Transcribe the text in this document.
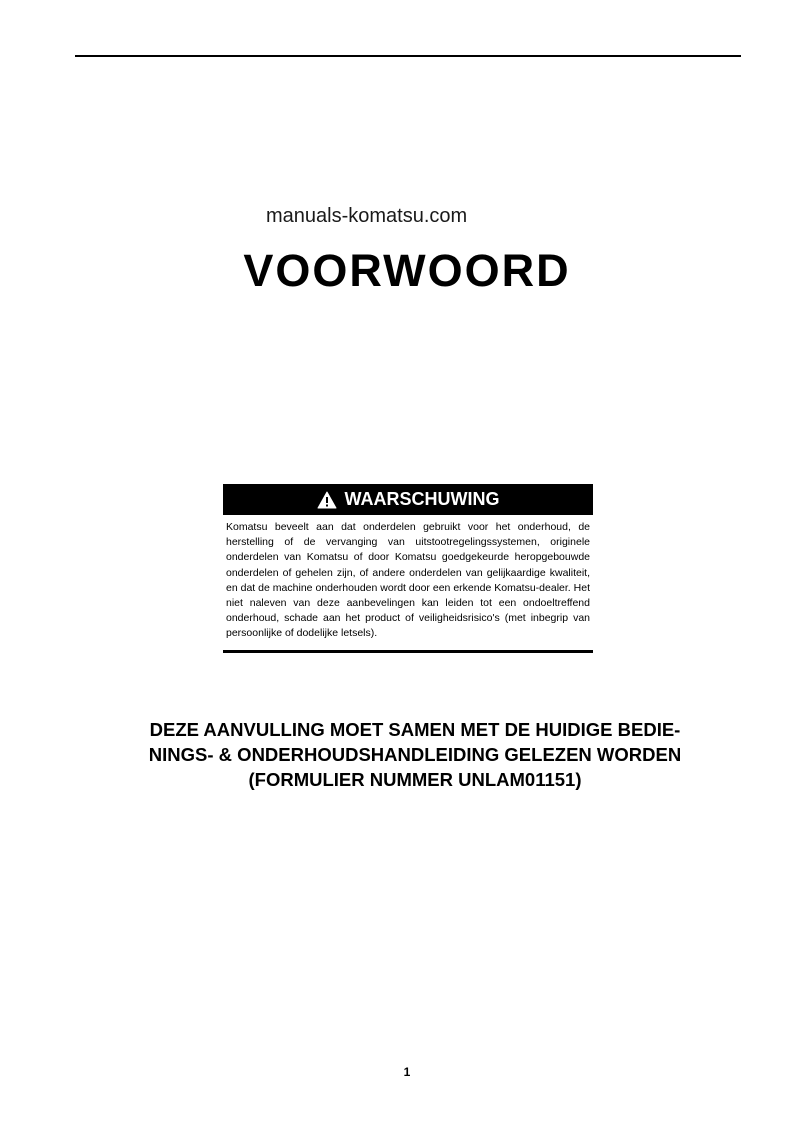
manuals-komatsu.com
VOORWOORD
WAARSCHUWING
Komatsu beveelt aan dat onderdelen gebruikt voor het onderhoud, de herstelling of de vervanging van uitstootregelingssystemen, originele onderdelen van Komatsu of door Komatsu goedgekeurde heropgebouwde onderdelen of gehelen zijn, of andere onderdelen van gelijkaardige kwaliteit, en dat de machine onderhouden wordt door een erkende Komatsu-dealer. Het niet naleven van deze aanbevelingen kan leiden tot een ondoeltreffend onderhoud, schade aan het product of veiligheidsrisico's (met inbegrip van persoonlijke of dodelijke letsels).
DEZE AANVULLING MOET SAMEN MET DE HUIDIGE BEDIE-
NINGS- & ONDERHOUDSHANDLEIDING GELEZEN WORDEN
(FORMULIER NUMMER UNLAM01151)
1
